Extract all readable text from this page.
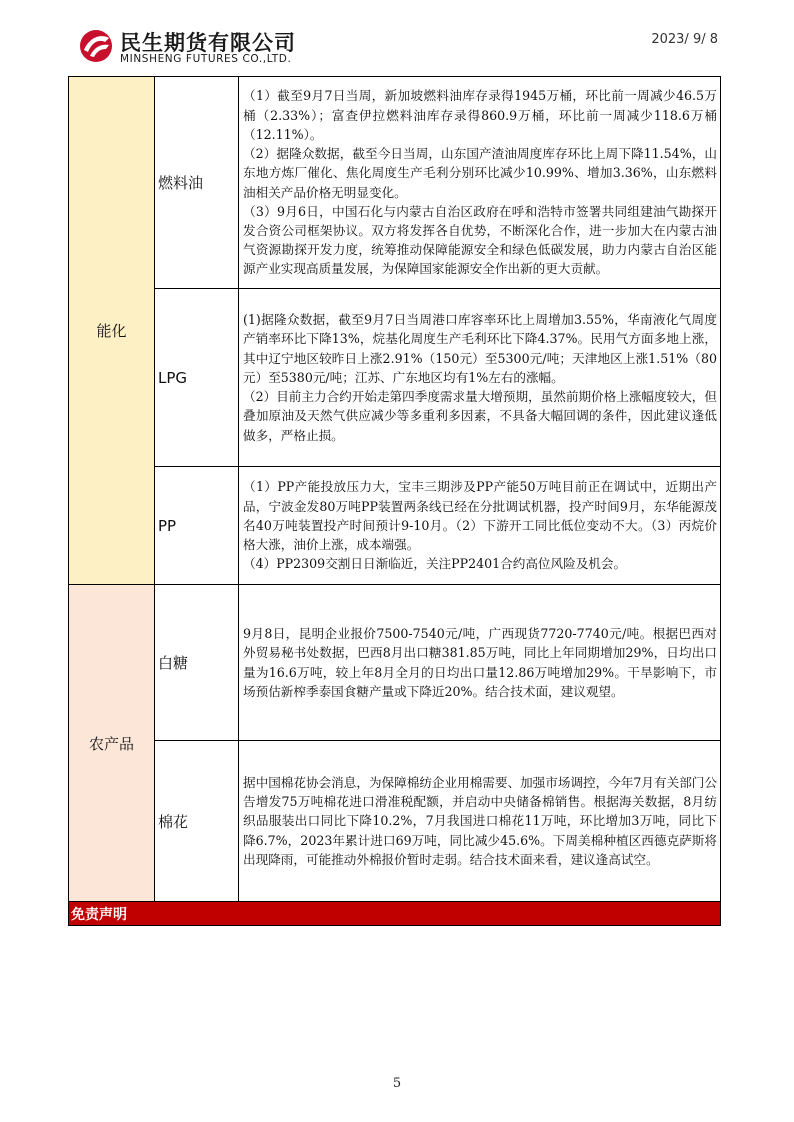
民生期货有限公司
MINSHENG FUTURES CO.,LTD.
2023/ 9/ 8
能化	燃料油	（1）截至9月7日当周，新加坡燃料油库存录得1945万桶，环比前一周减少46.5万桶（2.33%）；富查伊拉燃料油库存录得860.9万桶，环比前一周减少118.6万桶（12.11%）。

（2）据隆众数据，截至今日当周，山东国产渣油周度库存环比上周下降11.54%，山东地方炼厂催化、焦化周度生产毛利分别环比减少10.99%、增加3.36%，山东燃料油相关产品价格无明显变化。

（3）9月6日，中国石化与内蒙古自治区政府在呼和浩特市签署共同组建油气勘探开发合资公司框架协议。双方将发挥各自优势，不断深化合作，进一步加大在内蒙古油气资源勘探开发力度，统筹推动保障能源安全和绿色低碳发展，助力内蒙古自治区能源产业实现高质量发展，为保障国家能源安全作出新的更大贡献。

	LPG	(1)据隆众数据，截至9月7日当周港口库容率环比上周增加3.55%，华南液化气周度产销率环比下降13%，烷基化周度生产毛利环比下降4.37%。民用气方面多地上涨，其中辽宁地区较昨日上涨2.91%（150元）至5300元/吨；天津地区上涨1.51%（80元）至5380元/吨；江苏、广东地区均有1%左右的涨幅。

（2）目前主力合约开始走第四季度需求量大增预期，虽然前期价格上涨幅度较大，但叠加原油及天然气供应减少等多重利多因素，不具备大幅回调的条件，因此建议逢低做多，严格止损。

	PP	（1）PP产能投放压力大，宝丰三期涉及PP产能50万吨目前正在调试中，近期出产品，宁波金发80万吨PP装置两条线已经在分批调试机器，投产时间9月，东华能源茂名40万吨装置投产时间预计9-10月。（2）下游开工同比低位变动不大。（3）丙烷价格大涨，油价上涨，成本端强。

（4）PP2309交割日日渐临近，关注PP2401合约高位风险及机会。

农产品	白糖	9月8日，昆明企业报价7500-7540元/吨，广西现货7720-7740元/吨。根据巴西对外贸易秘书处数据，巴西8月出口糖381.85万吨，同比上年同期增加29%，日均出口量为16.6万吨，较上年8月全月的日均出口量12.86万吨增加29%。干旱影响下，市场预估新榨季泰国食糖产量或下降近20%。结合技术面，建议观望。

	棉花	据中国棉花协会消息，为保障棉纺企业用棉需要、加强市场调控，今年7月有关部门公告增发75万吨棉花进口滑准税配额，并启动中央储备棉销售。根据海关数据，8月纺织品服装出口同比下降10.2%，7月我国进口棉花11万吨，环比增加3万吨，同比下降6.7%，2023年累计进口69万吨，同比减少45.6%。下周美棉种植区西德克萨斯将出现降雨，可能推动外棉报价暂时走弱。结合技术面来看，建议逢高试空。

免责声明		
5
